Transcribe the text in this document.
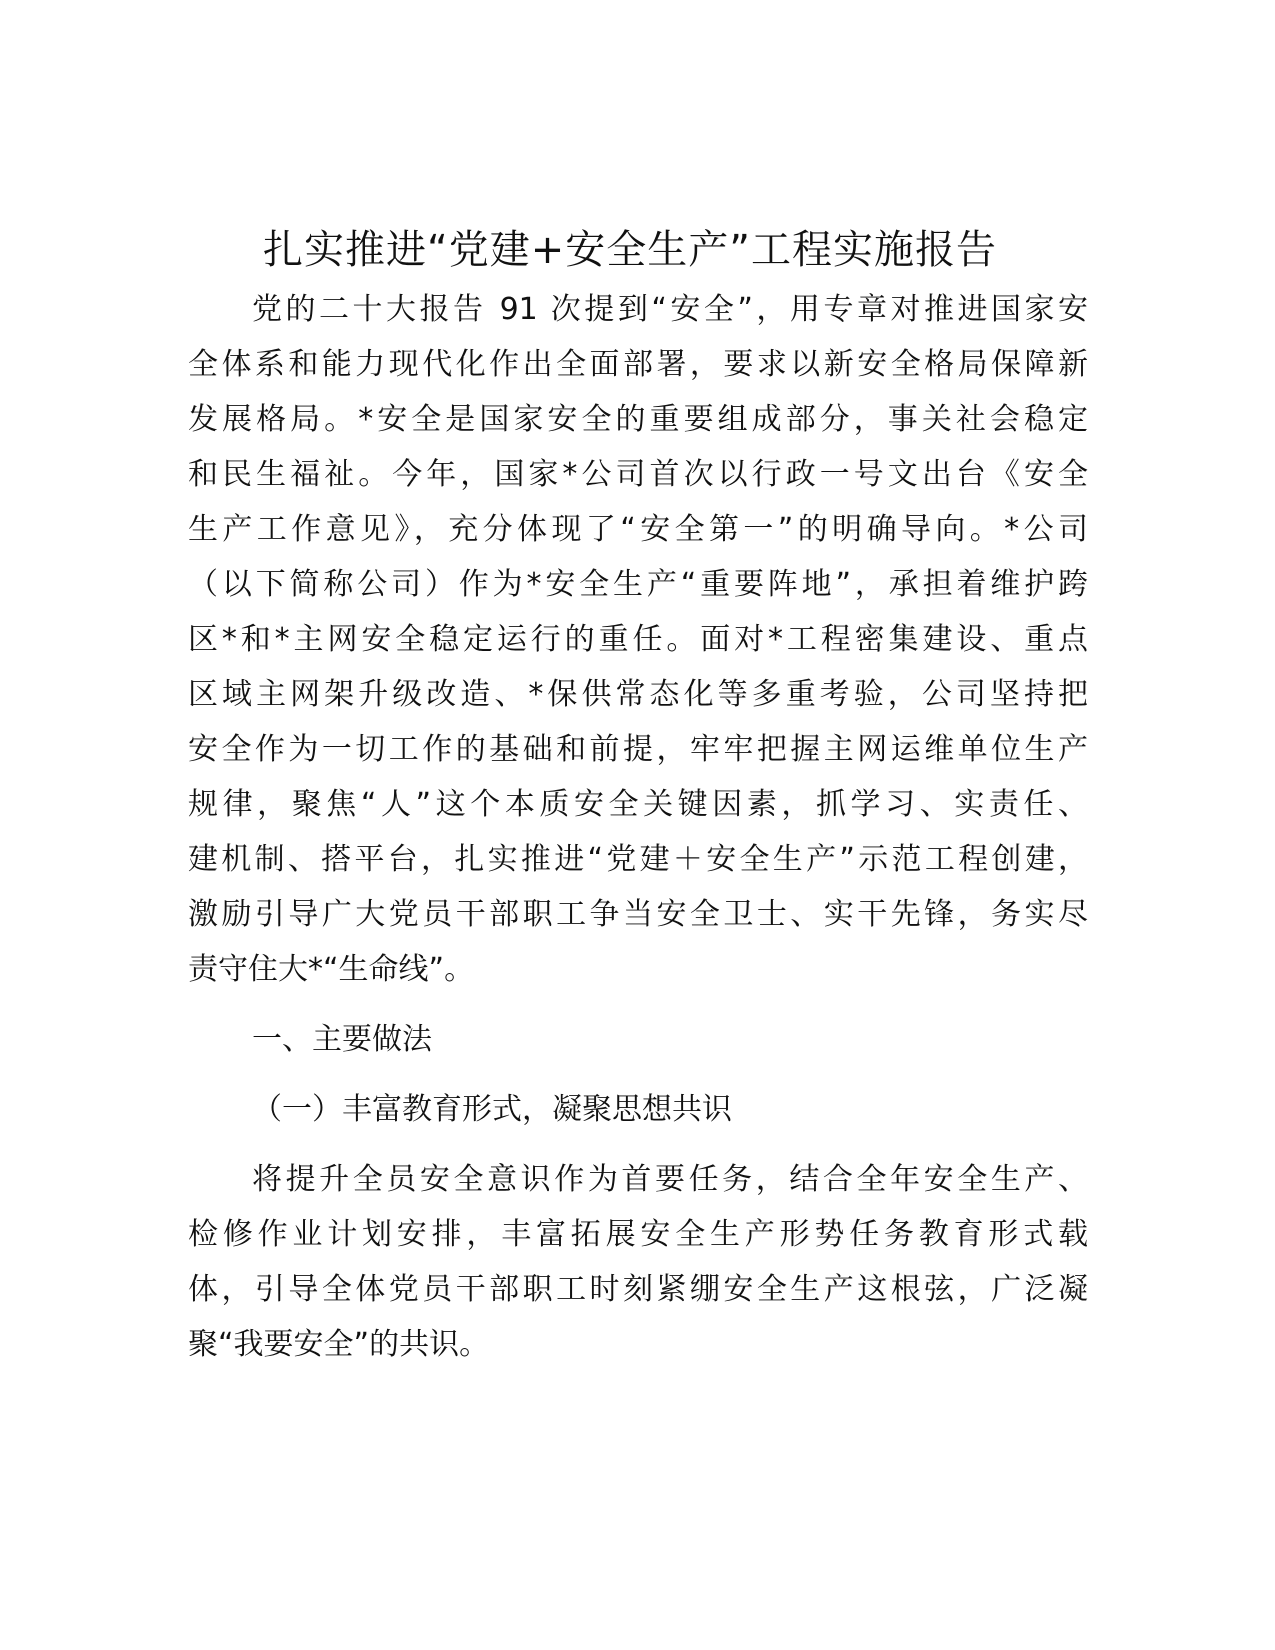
扎实推进“党建+安全生产”工程实施报告

党的二十大报告 91 次提到“安全”，用专章对推进国家安

全体系和能力现代化作出全面部署，要求以新安全格局保障新

发展格局。*安全是国家安全的重要组成部分，事关社会稳定

和民生福祉。今年，国家*公司首次以行政一号文出台《安全

生产工作意见》，充分体现了“安全第一”的明确导向。*公司

（以下简称公司）作为*安全生产“重要阵地”，承担着维护跨

区*和*主网安全稳定运行的重任。面对*工程密集建设、重点

区域主网架升级改造、*保供常态化等多重考验，公司坚持把

安全作为一切工作的基础和前提，牢牢把握主网运维单位生产

规律，聚焦“人”这个本质安全关键因素，抓学习、实责任、

建机制、搭平台，扎实推进“党建＋安全生产”示范工程创建，

激励引导广大党员干部职工争当安全卫士、实干先锋，务实尽

责守住大*“生命线”。

一、主要做法
（一）丰富教育形式，凝聚思想共识

将提升全员安全意识作为首要任务，结合全年安全生产、

检修作业计划安排，丰富拓展安全生产形势任务教育形式载

体，引导全体党员干部职工时刻紧绷安全生产这根弦，广泛凝

聚“我要安全”的共识。
